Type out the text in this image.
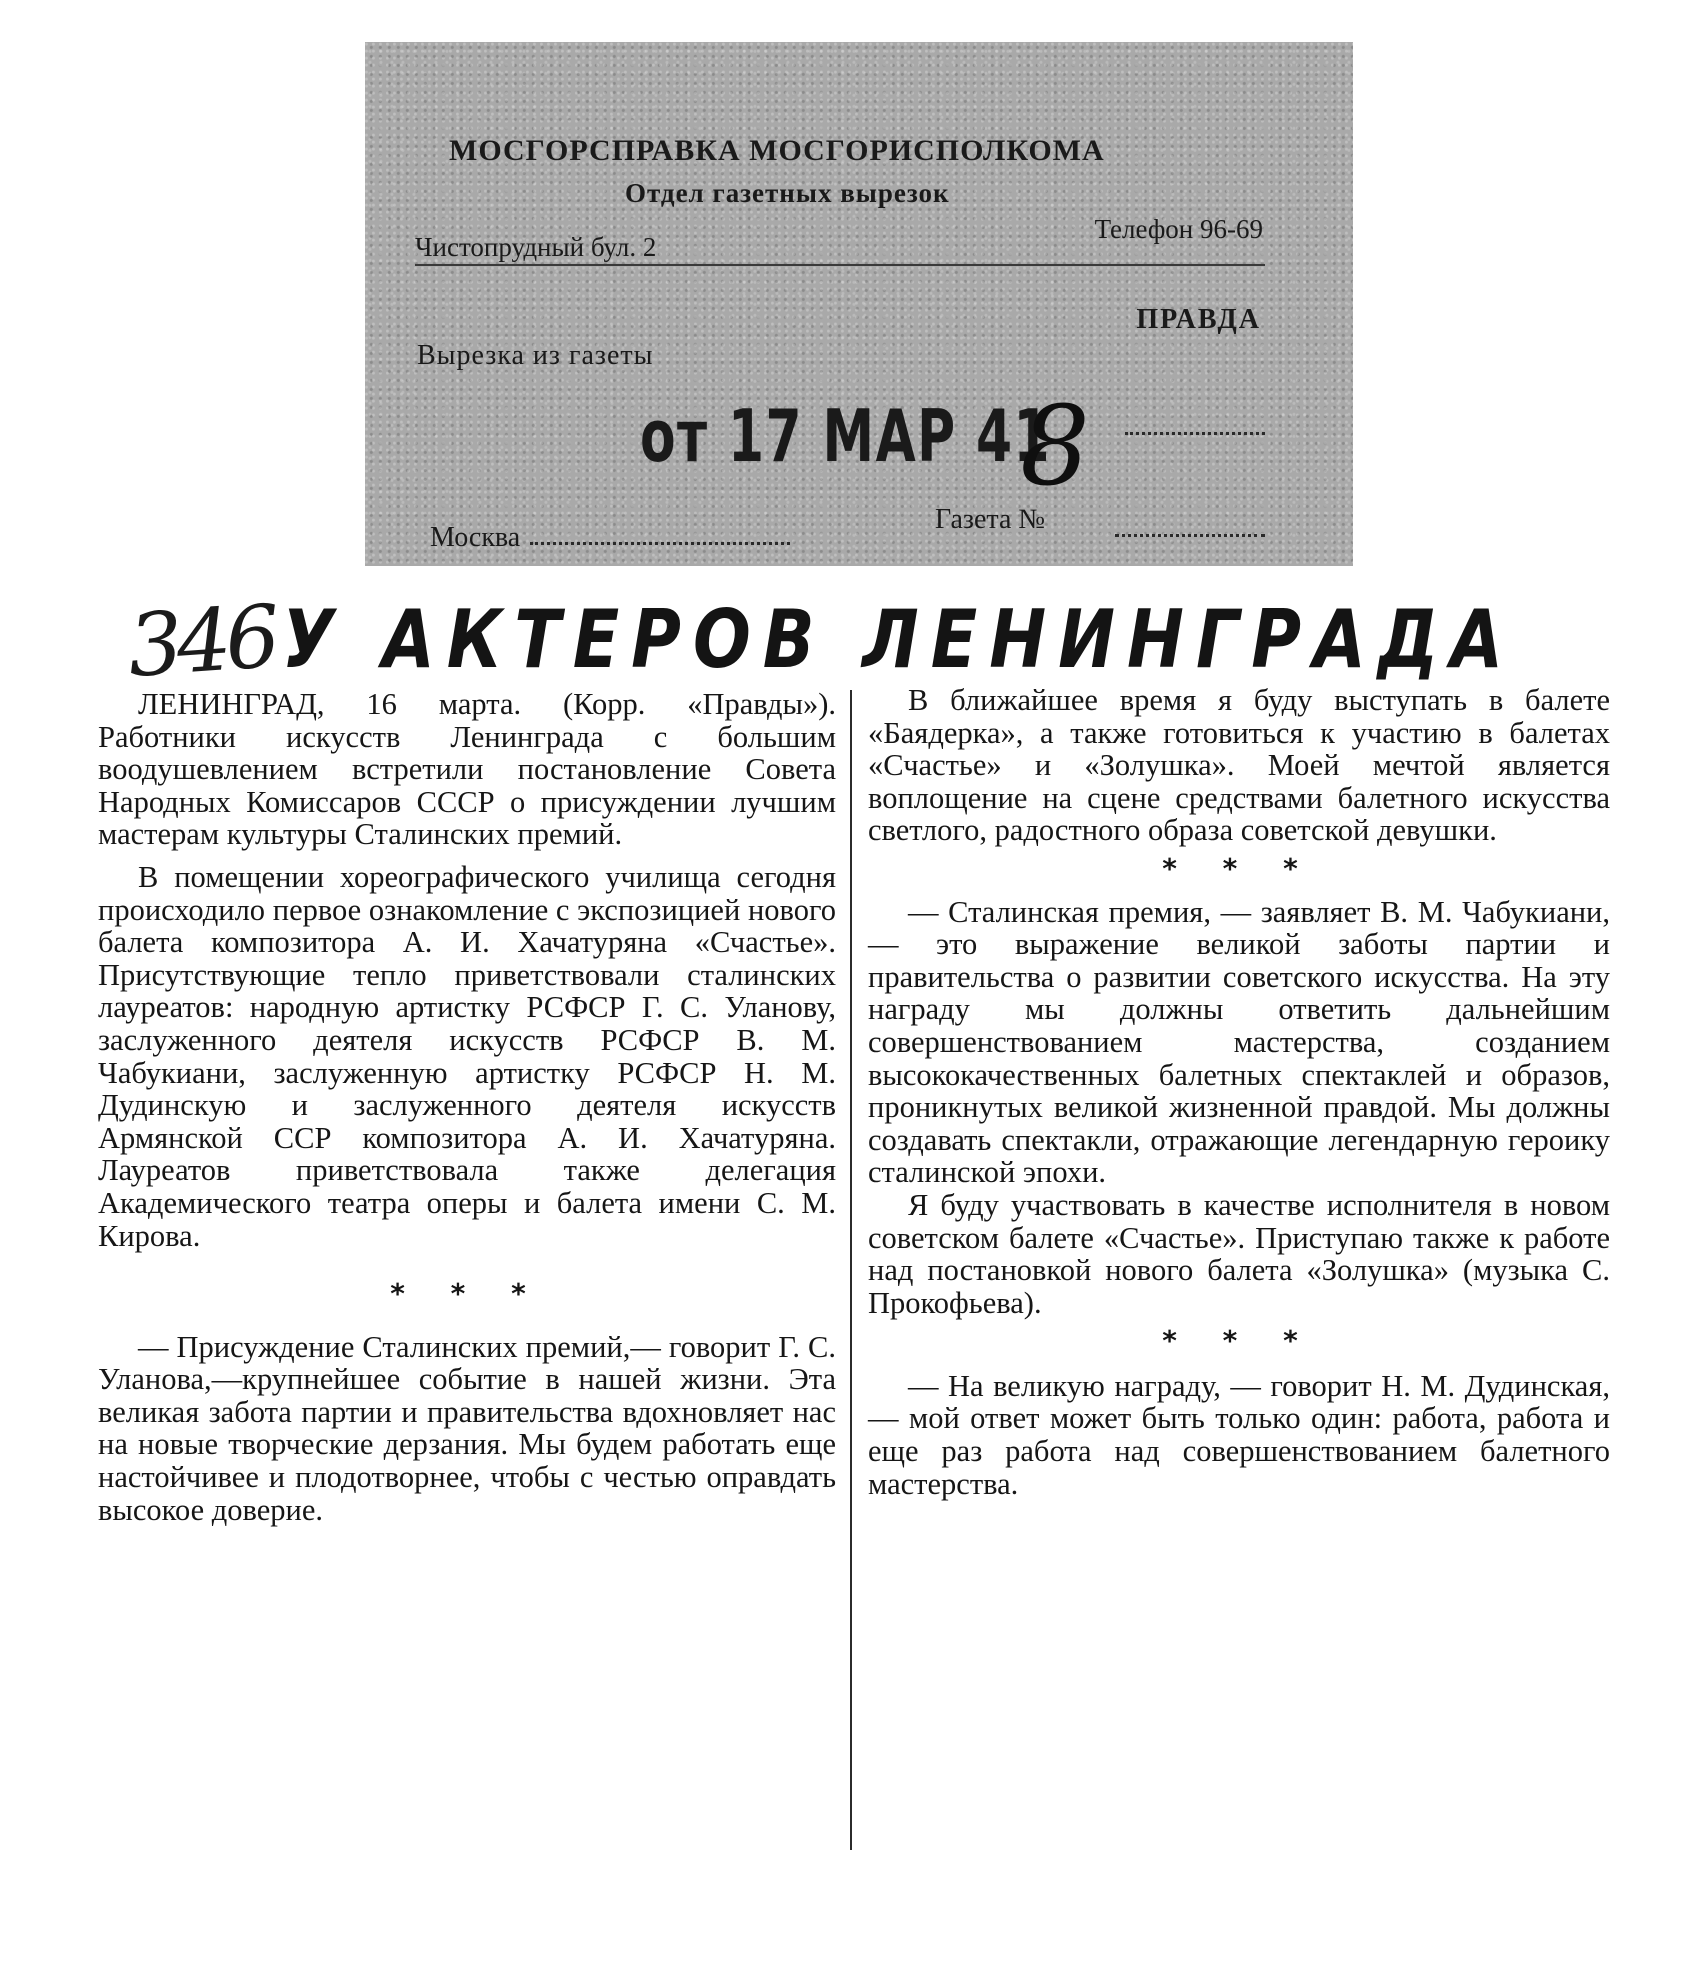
МОСГОРСПРАВКА МОСГОРИСПОЛКОМА
Отдел газетных вырезок
Чистопрудный бул. 2
Телефон 96-69
Вырезка из газеты
ПРАВДА
от 17 МАР 41
8
Москва
Газета №
346 У АКТЕРОВ ЛЕНИНГРАДА

ЛЕНИНГРАД, 16 марта. (Корр. «Правды»). Работники искусств Ленинграда с большим воодушевлением встретили постановление Совета Народных Комиссаров СССР о присуждении лучшим мастерам культуры Сталинских премий.

В помещении хореографического училища сегодня происходило первое ознакомление с экспозицией нового балета композитора А. И. Хачатуряна «Счастье». Присутствующие тепло приветствовали сталинских лауреатов: народную артистку РСФСР Г. С. Уланову, заслуженного деятеля искусств РСФСР В. М. Чабукиани, заслуженную артистку РСФСР Н. М. Дудинскую и заслуженного деятеля искусств Армянской ССР композитора А. И. Хачатуряна. Лауреатов приветствовала также делегация Академического театра оперы и балета имени С. М. Кирова.

* * *

— Присуждение Сталинских премий,— говорит Г. С. Уланова,—крупнейшее событие в нашей жизни. Эта великая забота партии и правительства вдохновляет нас на новые творческие дерзания. Мы будем работать еще настойчивее и плодотворнее, чтобы с честью оправдать высокое доверие.

В ближайшее время я буду выступать в балете «Баядерка», а также готовиться к участию в балетах «Счастье» и «Золушка». Моей мечтой является воплощение на сцене средствами балетного искусства светлого, радостного образа советской девушки.

* * *

— Сталинская премия, — заявляет В. М. Чабукиани,— это выражение великой заботы партии и правительства о развитии советского искусства. На эту награду мы должны ответить дальнейшим совершенствованием мастерства, созданием высококачественных балетных спектаклей и образов, проникнутых великой жизненной правдой. Мы должны создавать спектакли, отражающие легендарную героику сталинской эпохи.

Я буду участвовать в качестве исполнителя в новом советском балете «Счастье». Приступаю также к работе над постановкой нового балета «Золушка» (музыка С. Прокофьева).

* * *

— На великую награду, — говорит Н. М. Дудинская,— мой ответ может быть только один: работа, работа и еще раз работа над совершенствованием балетного мастерства.
